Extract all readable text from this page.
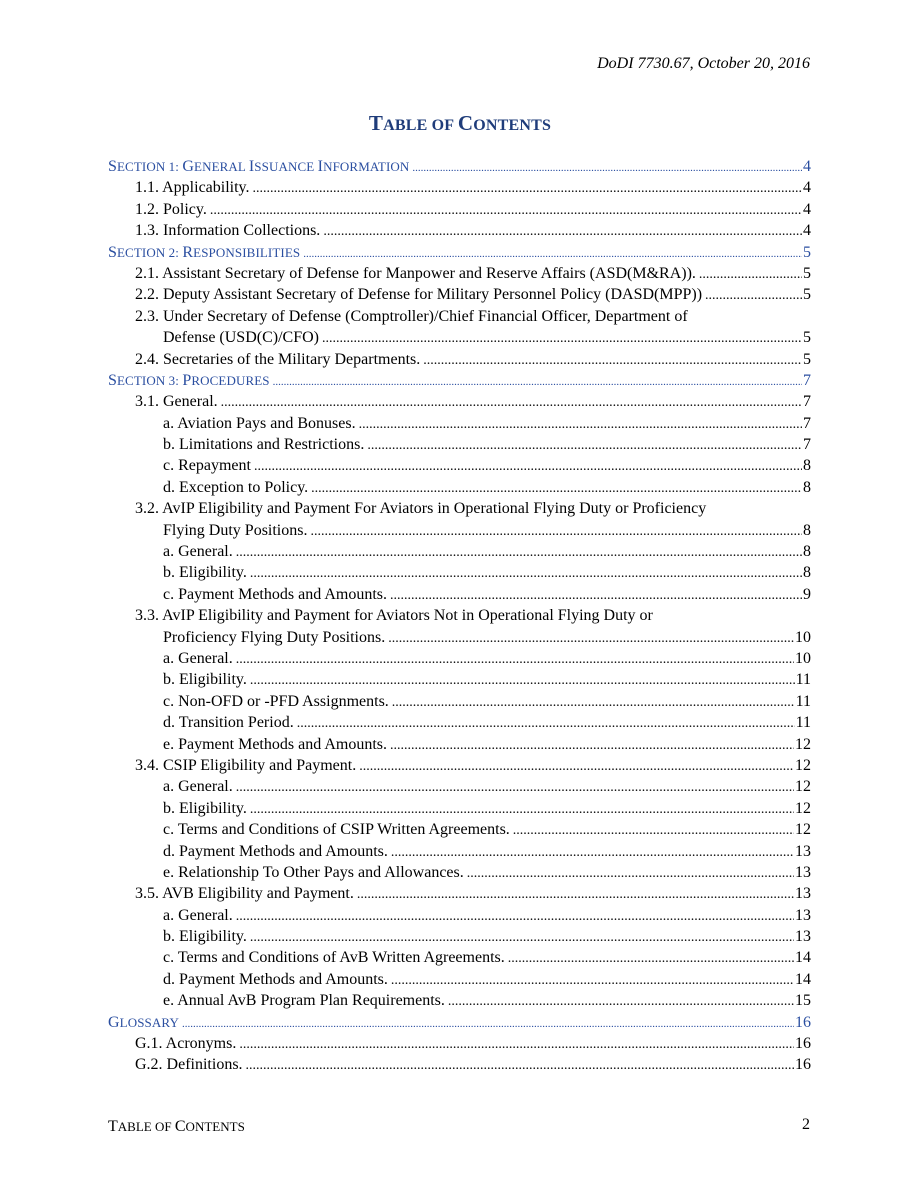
DoDI 7730.67, October 20, 2016
TABLE OF CONTENTS
SECTION 1: GENERAL ISSUANCE INFORMATION .....	4
1.1. Applicability. .....	4
1.2. Policy. .....	4
1.3. Information Collections. .....	4
SECTION 2: RESPONSIBILITIES .....	5
2.1. Assistant Secretary of Defense for Manpower and Reserve Affairs (ASD(M&RA)). .....	5
2.2. Deputy Assistant Secretary of Defense for Military Personnel Policy (DASD(MPP)) .....	5
2.3. Under Secretary of Defense (Comptroller)/Chief Financial Officer, Department of
Defense (USD(C)/CFO) .....	5
2.4. Secretaries of the Military Departments. .....	5
SECTION 3: PROCEDURES .....	7
3.1. General. .....	7
a. Aviation Pays and Bonuses. .....	7
b. Limitations and Restrictions. .....	7
c. Repayment .....	8
d. Exception to Policy. .....	8
3.2. AvIP Eligibility and Payment For Aviators in Operational Flying Duty or Proficiency
Flying Duty Positions. .....	8
a. General. .....	8
b. Eligibility. .....	8
c. Payment Methods and Amounts. .....	9
3.3. AvIP Eligibility and Payment for Aviators Not in Operational Flying Duty or
Proficiency Flying Duty Positions. .....	10
a. General. .....	10
b. Eligibility. .....	11
c. Non-OFD or -PFD Assignments. .....	11
d. Transition Period. .....	11
e. Payment Methods and Amounts. .....	12
3.4. CSIP Eligibility and Payment. .....	12
a. General. .....	12
b. Eligibility. .....	12
c. Terms and Conditions of CSIP Written Agreements. .....	12
d. Payment Methods and Amounts. .....	13
e. Relationship To Other Pays and Allowances. .....	13
3.5. AVB Eligibility and Payment. .....	13
a. General. .....	13
b. Eligibility. .....	13
c. Terms and Conditions of AvB Written Agreements. .....	14
d. Payment Methods and Amounts. .....	14
e. Annual AvB Program Plan Requirements. .....	15
GLOSSARY .....	16
G.1. Acronyms. .....	16
G.2. Definitions. .....	16
TABLE OF CONTENTS	2
